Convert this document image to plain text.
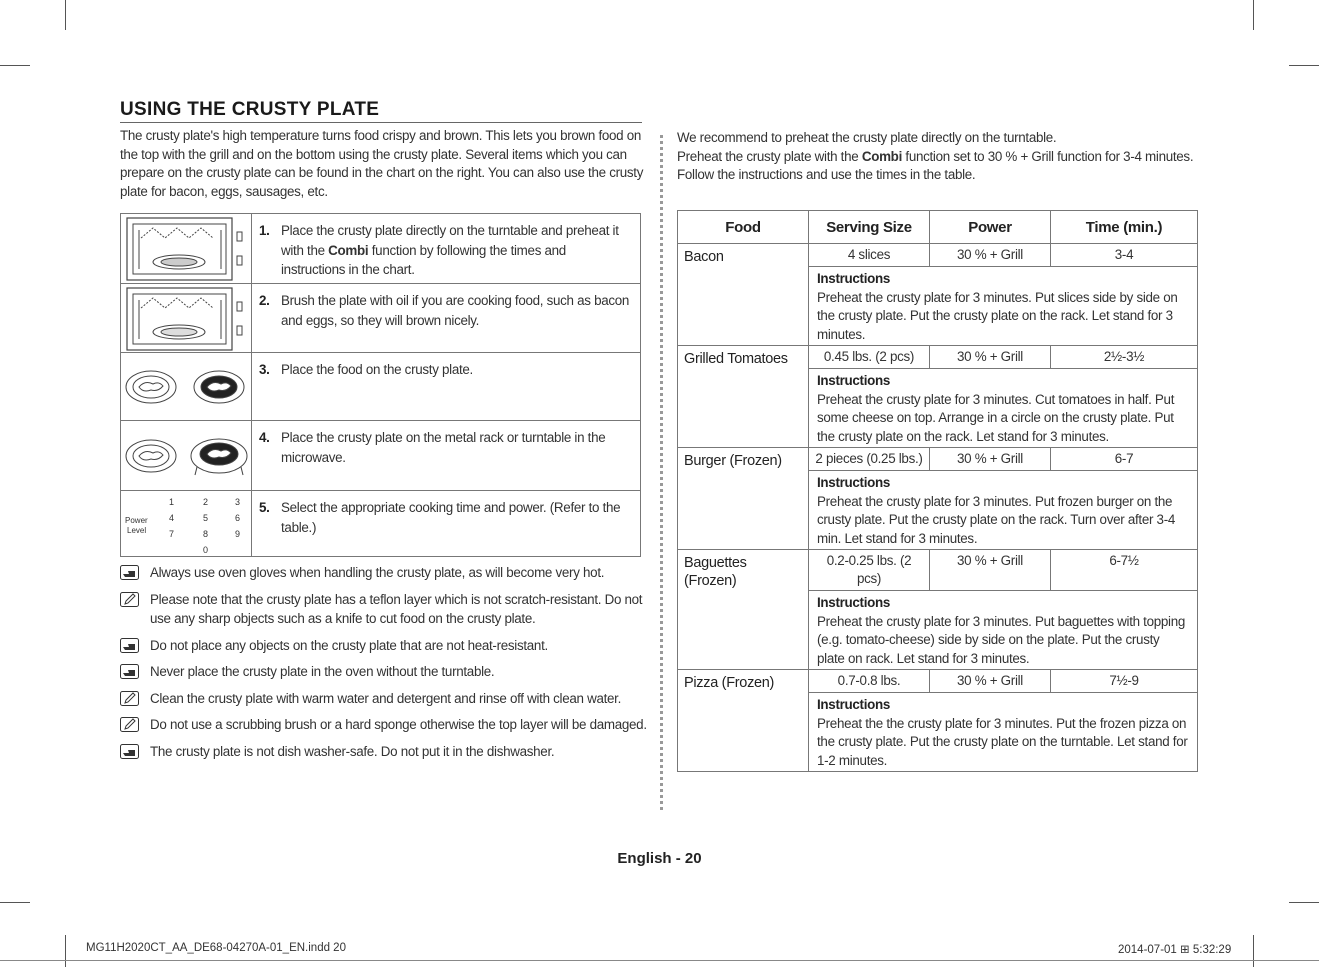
USING THE CRUSTY PLATE
The crusty plate's high temperature turns food crispy and brown. This lets you brown food on the top with the grill and on the bottom using the crusty plate. Several items which you can prepare on the crusty plate can be found in the chart on the right. You can also use the crusty plate for bacon, eggs, sausages, etc.
1. Place the crusty plate directly on the turntable and preheat it with the Combi function by following the times and instructions in the chart.
2. Brush the plate with oil if you are cooking food, such as bacon and eggs, so they will brown nicely.
3. Place the food on the crusty plate.
4. Place the crusty plate on the metal rack or turntable in the microwave.
1	2	3
4	5	6
7	8	9
0
Power
Level
5. Select the appropriate cooking time and power. (Refer to the table.)
Always use oven gloves when handling the crusty plate, as will become very hot.
Please note that the crusty plate has a teflon layer which is not scratch-resistant. Do not use any sharp objects such as a knife to cut food on the crusty plate.
Do not place any objects on the crusty plate that are not heat-resistant.
Never place the crusty plate in the oven without the turntable.
Clean the crusty plate with warm water and detergent and rinse off with clean water.
Do not use a scrubbing brush or a hard sponge otherwise the top layer will be damaged.
The crusty plate is not dish washer-safe. Do not put it in the dishwasher.
We recommend to preheat the crusty plate directly on the turntable.
Preheat the crusty plate with the Combi function set to 30 % + Grill function for 3-4 minutes.
Follow the instructions and use the times in the table.
Food	Serving Size	Power	Time (min.)
Bacon	4 slices	30 % + Grill	3-4

	Instructions
Preheat the crusty plate for 3 minutes. Put slices side by side on the crusty plate. Put the crusty plate on the rack. Let stand for 3 minutes.		
Grilled Tomatoes	0.45 lbs. (2 pcs)	30 % + Grill	2½-3½

	Instructions
Preheat the crusty plate for 3 minutes. Cut tomatoes in half. Put some cheese on top. Arrange in a circle on the crusty plate. Put the crusty plate on the rack. Let stand for 3 minutes.		
Burger (Frozen)	2 pieces (0.25 lbs.)	30 % + Grill	6-7

	Instructions
Preheat the crusty plate for 3 minutes. Put frozen burger on the crusty plate. Put the crusty plate on the rack. Turn over after 3-4 min. Let stand for 3 minutes.		
Baguettes (Frozen)	0.2-0.25 lbs. (2 pcs)	30 % + Grill	6-7½

	Instructions
Preheat the crusty plate for 3 minutes. Put baguettes with topping (e.g. tomato-cheese) side by side on the plate. Put the crusty plate on rack. Let stand for 3 minutes.		
Pizza (Frozen)	0.7-0.8 lbs.	30 % + Grill	7½-9

	Instructions
Preheat the the crusty plate for 3 minutes. Put the frozen pizza on the crusty plate. Put the crusty plate on the turntable. Let stand for 1-2 minutes.		
English - 20
MG11H2020CT_AA_DE68-04270A-01_EN.indd 20	2014-07-01 ⊞ 5:32:29
